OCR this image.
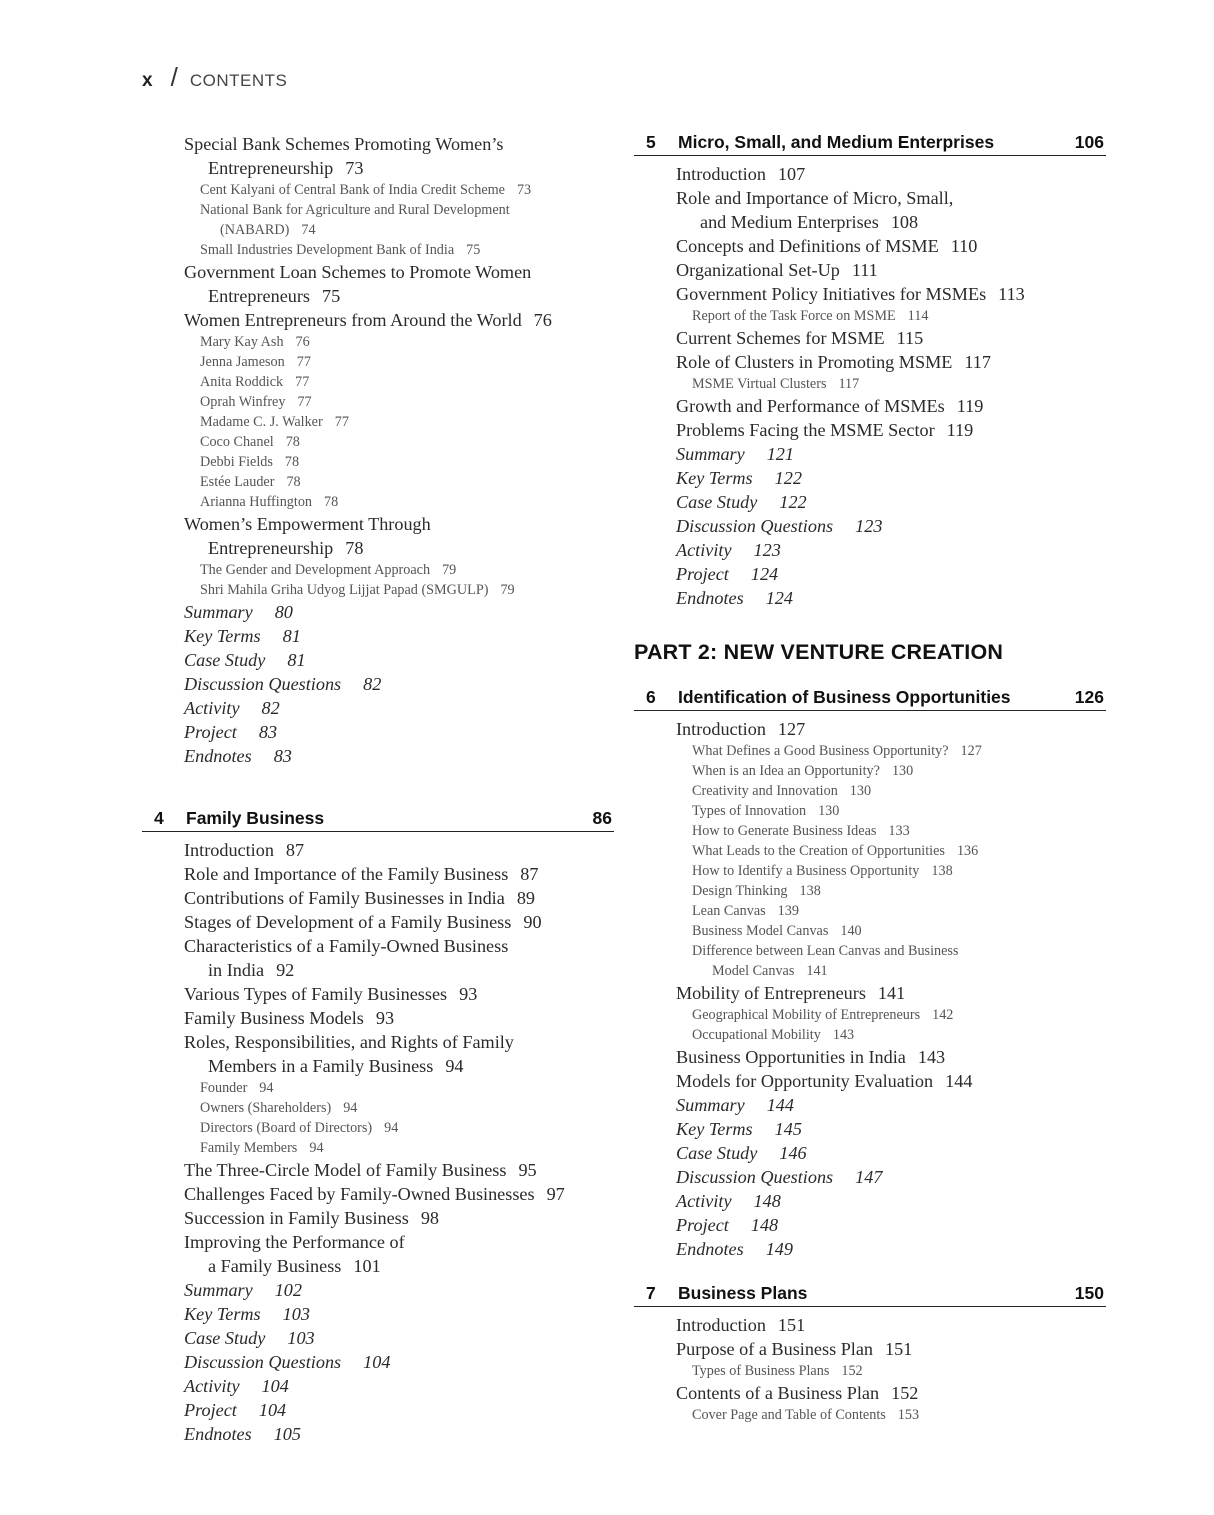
x / CONTENTS
Special Bank Schemes Promoting Women’s
Entrepreneurship 73
Cent Kalyani of Central Bank of India Credit Scheme 73
National Bank for Agriculture and Rural Development
(NABARD) 74
Small Industries Development Bank of India 75
Government Loan Schemes to Promote Women
Entrepreneurs 75
Women Entrepreneurs from Around the World 76
Mary Kay Ash 76
Jenna Jameson 77
Anita Roddick 77
Oprah Winfrey 77
Madame C. J. Walker 77
Coco Chanel 78
Debbi Fields 78
Estée Lauder 78
Arianna Huffington 78
Women’s Empowerment Through
Entrepreneurship 78
The Gender and Development Approach 79
Shri Mahila Griha Udyog Lijjat Papad (SMGULP) 79
Summary 80
Key Terms 81
Case Study 81
Discussion Questions 82
Activity 82
Project 83
Endnotes 83
4	Family Business	86
Introduction 87
Role and Importance of the Family Business 87
Contributions of Family Businesses in India 89
Stages of Development of a Family Business 90
Characteristics of a Family-Owned Business
in India 92
Various Types of Family Businesses 93
Family Business Models 93
Roles, Responsibilities, and Rights of Family
Members in a Family Business 94
Founder 94
Owners (Shareholders) 94
Directors (Board of Directors) 94
Family Members 94
The Three-Circle Model of Family Business 95
Challenges Faced by Family-Owned Businesses 97
Succession in Family Business 98
Improving the Performance of
a Family Business 101
Summary 102
Key Terms 103
Case Study 103
Discussion Questions 104
Activity 104
Project 104
Endnotes 105
5	Micro, Small, and Medium Enterprises	106
Introduction 107
Role and Importance of Micro, Small,
and Medium Enterprises 108
Concepts and Definitions of MSME 110
Organizational Set-Up 111
Government Policy Initiatives for MSMEs 113
Report of the Task Force on MSME 114
Current Schemes for MSME 115
Role of Clusters in Promoting MSME 117
MSME Virtual Clusters 117
Growth and Performance of MSMEs 119
Problems Facing the MSME Sector 119
Summary 121
Key Terms 122
Case Study 122
Discussion Questions 123
Activity 123
Project 124
Endnotes 124
PART 2: NEW VENTURE CREATION
6	Identification of Business Opportunities	126
Introduction 127
What Defines a Good Business Opportunity? 127
When is an Idea an Opportunity? 130
Creativity and Innovation 130
Types of Innovation 130
How to Generate Business Ideas 133
What Leads to the Creation of Opportunities 136
How to Identify a Business Opportunity 138
Design Thinking 138
Lean Canvas 139
Business Model Canvas 140
Difference between Lean Canvas and Business
Model Canvas 141
Mobility of Entrepreneurs 141
Geographical Mobility of Entrepreneurs 142
Occupational Mobility 143
Business Opportunities in India 143
Models for Opportunity Evaluation 144
Summary 144
Key Terms 145
Case Study 146
Discussion Questions 147
Activity 148
Project 148
Endnotes 149
7	Business Plans	150
Introduction 151
Purpose of a Business Plan 151
Types of Business Plans 152
Contents of a Business Plan 152
Cover Page and Table of Contents 153
